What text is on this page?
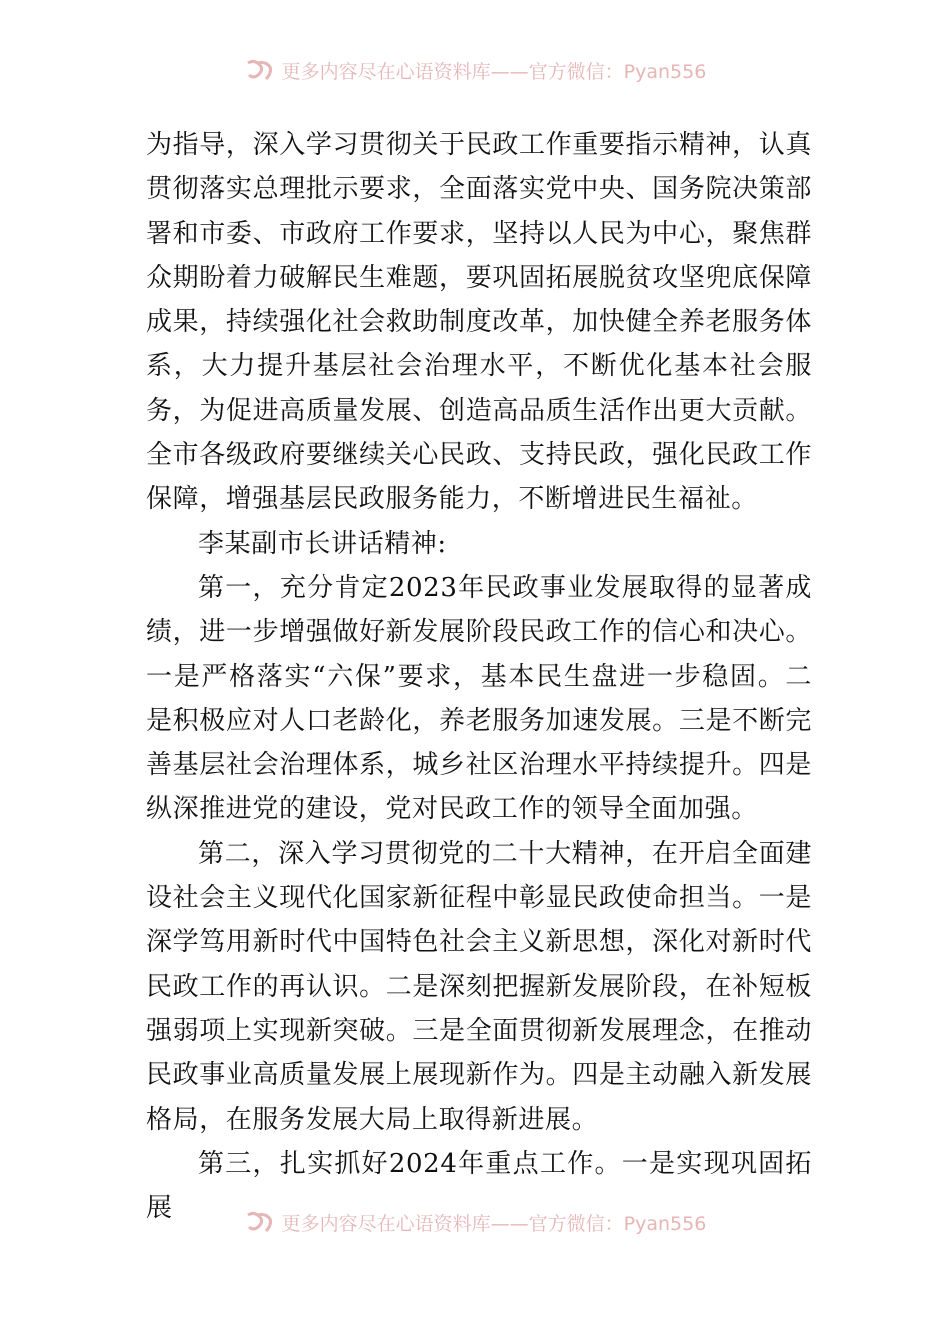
更多内容尽在心语资料库——官方微信：Pyan556

为指导，深入学习贯彻关于民政工作重要指示精神，认真贯彻落实总理批示要求，全面落实党中央、国务院决策部署和市委、市政府工作要求，坚持以人民为中心，聚焦群众期盼着力破解民生难题，要巩固拓展脱贫攻坚兜底保障成果，持续强化社会救助制度改革，加快健全养老服务体系，大力提升基层社会治理水平，不断优化基本社会服务，为促进高质量发展、创造高品质生活作出更大贡献。全市各级政府要继续关心民政、支持民政，强化民政工作保障，增强基层民政服务能力，不断增进民生福祉。

李某副市长讲话精神:

第一，充分肯定2023年民政事业发展取得的显著成绩，进一步增强做好新发展阶段民政工作的信心和决心。一是严格落实“六保”要求，基本民生盘进一步稳固。二是积极应对人口老龄化，养老服务加速发展。三是不断完善基层社会治理体系，城乡社区治理水平持续提升。四是纵深推进党的建设，党对民政工作的领导全面加强。

第二，深入学习贯彻党的二十大精神，在开启全面建设社会主义现代化国家新征程中彰显民政使命担当。一是深学笃用新时代中国特色社会主义新思想，深化对新时代民政工作的再认识。二是深刻把握新发展阶段，在补短板强弱项上实现新突破。三是全面贯彻新发展理念，在推动民政事业高质量发展上展现新作为。四是主动融入新发展格局，在服务发展大局上取得新进展。

第三，扎实抓好2024年重点工作。一是实现巩固拓展

更多内容尽在心语资料库——官方微信：Pyan556
